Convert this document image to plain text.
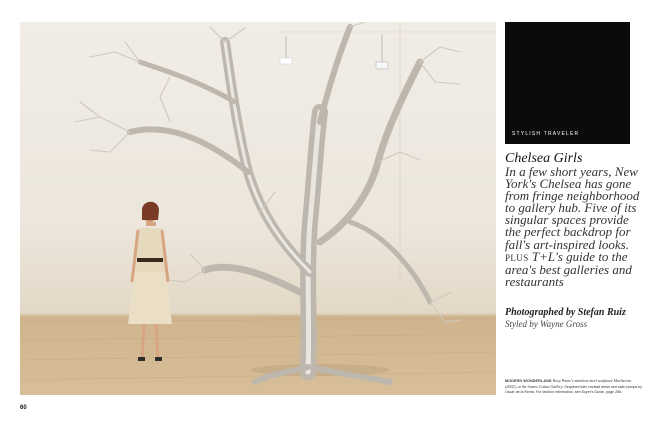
STYLISH TRAVELER
Chelsea Girls
In a few short years, New York's Chelsea has gone from fringe neighborhood to gallery hub. Five of its singular spaces provide the perfect backdrop for fall's art-inspired looks. PLUS T+L's guide to the area's best galleries and restaurants
Photographed by Stefan Ruiz
Styled by Wayne Gross
MODERN WONDERLAND Roxy Paine's stainless-steel sculpture Maelstrom (2002), at the James Cohan Gallery. Sequined tulle cocktail dress and satin pumps by Oscar de la Renta. For fashion information, see Buyer's Guide, page 256.
60
